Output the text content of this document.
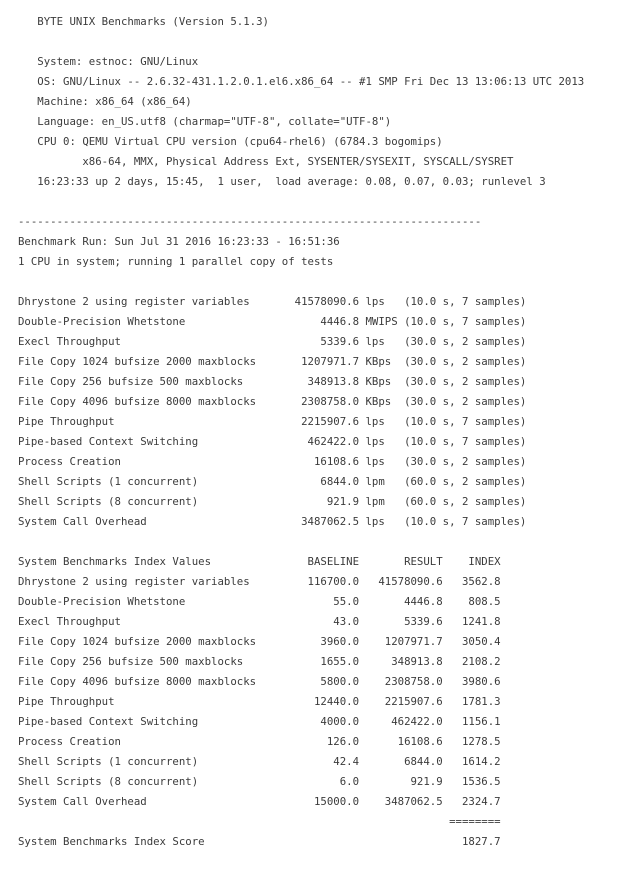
BYTE UNIX Benchmarks (Version 5.1.3)
System: estnoc: GNU/Linux
OS: GNU/Linux -- 2.6.32-431.1.2.0.1.el6.x86_64 -- #1 SMP Fri Dec 13 13:06:13 UTC 2013
Machine: x86_64 (x86_64)
Language: en_US.utf8 (charmap="UTF-8", collate="UTF-8")
CPU 0: QEMU Virtual CPU version (cpu64-rhel6) (6784.3 bogomips)
x86-64, MMX, Physical Address Ext, SYSENTER/SYSEXIT, SYSCALL/SYSRET
16:23:33 up 2 days, 15:45,  1 user,  load average: 0.08, 0.07, 0.03; runlevel 3
------------------------------------------------------------------------
Benchmark Run: Sun Jul 31 2016 16:23:33 - 16:51:36
1 CPU in system; running 1 parallel copy of tests
Dhrystone 2 using register variables       41578090.6 lps   (10.0 s, 7 samples)
Double-Precision Whetstone                     4446.8 MWIPS (10.0 s, 7 samples)
Execl Throughput                               5339.6 lps   (30.0 s, 2 samples)
File Copy 1024 bufsize 2000 maxblocks       1207971.7 KBps  (30.0 s, 2 samples)
File Copy 256 bufsize 500 maxblocks          348913.8 KBps  (30.0 s, 2 samples)
File Copy 4096 bufsize 8000 maxblocks       2308758.0 KBps  (30.0 s, 2 samples)
Pipe Throughput                             2215907.6 lps   (10.0 s, 7 samples)
Pipe-based Context Switching                 462422.0 lps   (10.0 s, 7 samples)
Process Creation                              16108.6 lps   (30.0 s, 2 samples)
Shell Scripts (1 concurrent)                   6844.0 lpm   (60.0 s, 2 samples)
Shell Scripts (8 concurrent)                    921.9 lpm   (60.0 s, 2 samples)
System Call Overhead                        3487062.5 lps   (10.0 s, 7 samples)
System Benchmarks Index Values               BASELINE       RESULT    INDEX
Dhrystone 2 using register variables         116700.0   41578090.6   3562.8
Double-Precision Whetstone                       55.0       4446.8    808.5
Execl Throughput                                 43.0       5339.6   1241.8
File Copy 1024 bufsize 2000 maxblocks          3960.0    1207971.7   3050.4
File Copy 256 bufsize 500 maxblocks            1655.0     348913.8   2108.2
File Copy 4096 bufsize 8000 maxblocks          5800.0    2308758.0   3980.6
Pipe Throughput                               12440.0    2215907.6   1781.3
Pipe-based Context Switching                   4000.0     462422.0   1156.1
Process Creation                                126.0      16108.6   1278.5
Shell Scripts (1 concurrent)                     42.4       6844.0   1614.2
Shell Scripts (8 concurrent)                      6.0        921.9   1536.5
System Call Overhead                          15000.0    3487062.5   2324.7
========
System Benchmarks Index Score                                        1827.7
